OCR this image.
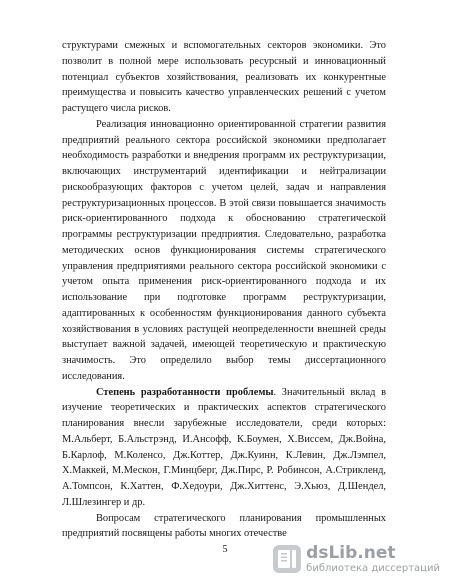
структурами смежных и вспомогательных секторов экономики. Это позволит в полной мере использовать ресурсный и инновационный потенциал субъектов хозяйствования, реализовать их конкурентные преимущества и повысить качество управленческих решений с учетом растущего числа рисков.

Реализация инновационно ориентированной стратегии развития предприятий реального сектора российской экономики предполагает необходимость разработки и внедрения программ их реструктуризации, включающих инструментарий идентификации и нейтрализации рискообразующих факторов с учетом целей, задач и направления реструктуризационных процессов. В этой связи повышается значимость риск-ориентированного подхода к обоснованию стратегической программы реструктуризации предприятия. Следовательно, разработка методических основ функционирования системы стратегического управления предприятиями реального сектора российской экономики с учетом опыта применения риск-ориентированного подхода и их использование при подготовке программ реструктуризации, адаптированных к особенностям функционирования данного субъекта хозяйствования в условиях растущей неопределенности внешней среды выступает важной задачей, имеющей теоретическую и практическую значимость. Это определило выбор темы диссертационного исследования.

Степень разработанности проблемы. Значительный вклад в изучение теоретических и практических аспектов стратегического планирования внесли зарубежные исследователи, среди которых: М.Альберт, Б.Альстрэнд, И.Ансофф, К.Боумен, Х.Виссем, Дж.Война, Б.Карлоф, М.Коленсо, Дж.Коттер, Дж.Куинн, К.Левин, Дж.Лэмпел, Х.Маккей, М.Мескон, Г.Минцберг, Дж.Пирс, Р. Робинсон, А.Стрикленд, А.Томпсон, К.Хаттен, Ф.Хедоури, Дж.Хиттенс, Э.Хьюз, Д.Шендел, Л.Шлезингер и др.

Вопросам стратегического планирования промышленных предприятий посвящены работы многих отечестве

5	dsLib.net
библиотека диссертаций
